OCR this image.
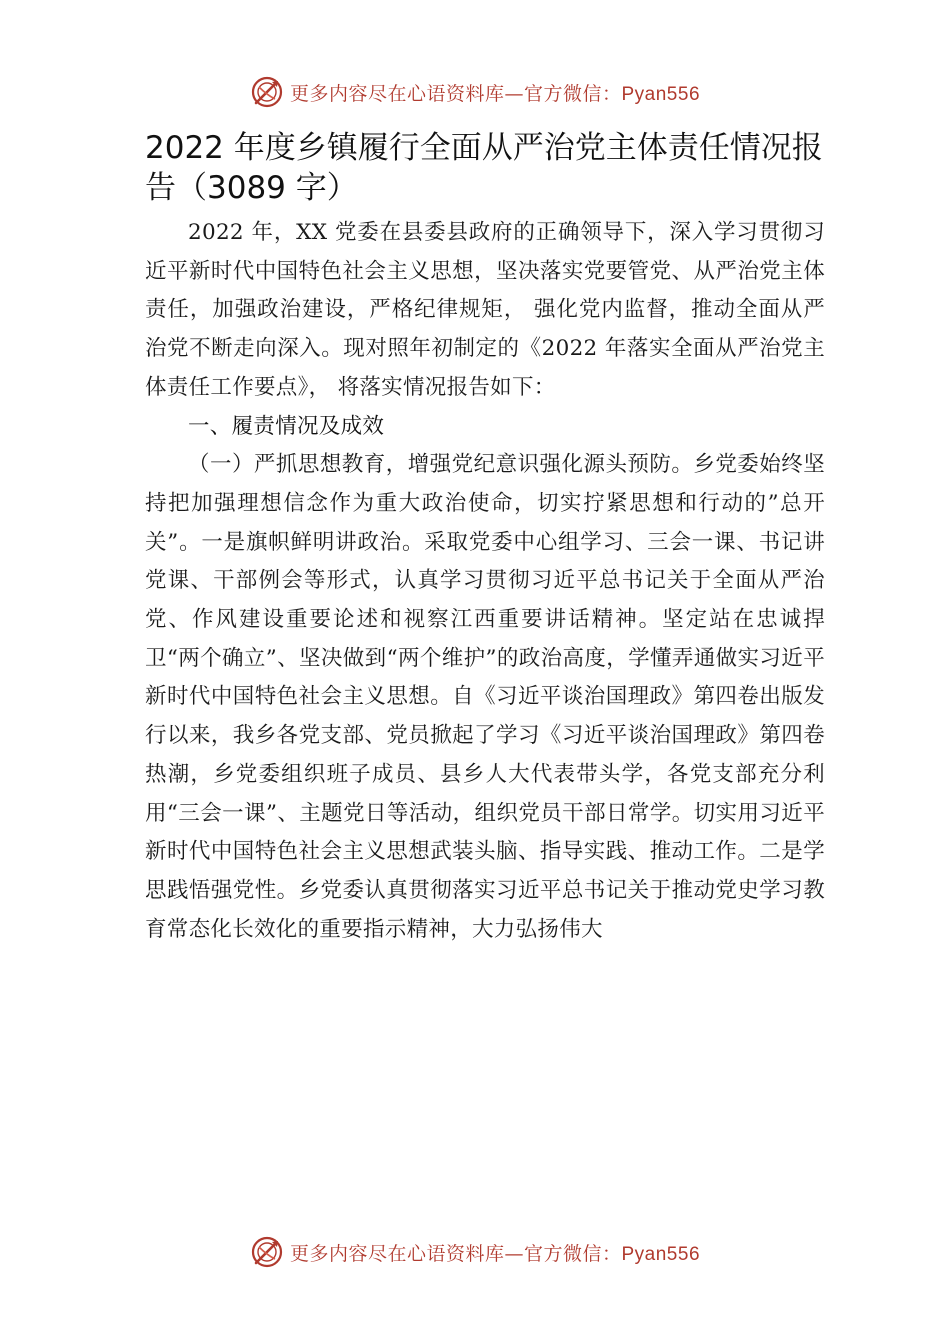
更多内容尽在心语资料库—官方微信：Pyan556
2022 年度乡镇履行全面从严治党主体责任情况报告（3089 字）

2022 年，XX 党委在县委县政府的正确领导下，深入学习贯彻习近平新时代中国特色社会主义思想，坚决落实党要管党、从严治党主体责任，加强政治建设，严格纪律规矩， 强化党内监督，推动全面从严治党不断走向深入。现对照年初制定的《2022 年落实全面从严治党主体责任工作要点》， 将落实情况报告如下：

一、履责情况及成效

（一）严抓思想教育，增强党纪意识强化源头预防。乡党委始终坚持把加强理想信念作为重大政治使命，切实拧紧思想和行动的”总开关”。一是旗帜鲜明讲政治。采取党委中心组学习、三会一课、书记讲党课、干部例会等形式，认真学习贯彻习近平总书记关于全面从严治党、作风建设重要论述和视察江西重要讲话精神。坚定站在忠诚捍卫“两个确立”、坚决做到“两个维护”的政治高度，学懂弄通做实习近平新时代中国特色社会主义思想。自《习近平谈治国理政》第四卷出版发行以来，我乡各党支部、党员掀起了学习《习近平谈治国理政》第四卷热潮，乡党委组织班子成员、县乡人大代表带头学，各党支部充分利用“三会一课”、主题党日等活动，组织党员干部日常学。切实用习近平新时代中国特色社会主义思想武装头脑、指导实践、推动工作。二是学思践悟强党性。乡党委认真贯彻落实习近平总书记关于推动党史学习教育常态化长效化的重要指示精神，大力弘扬伟大

更多内容尽在心语资料库—官方微信：Pyan556
